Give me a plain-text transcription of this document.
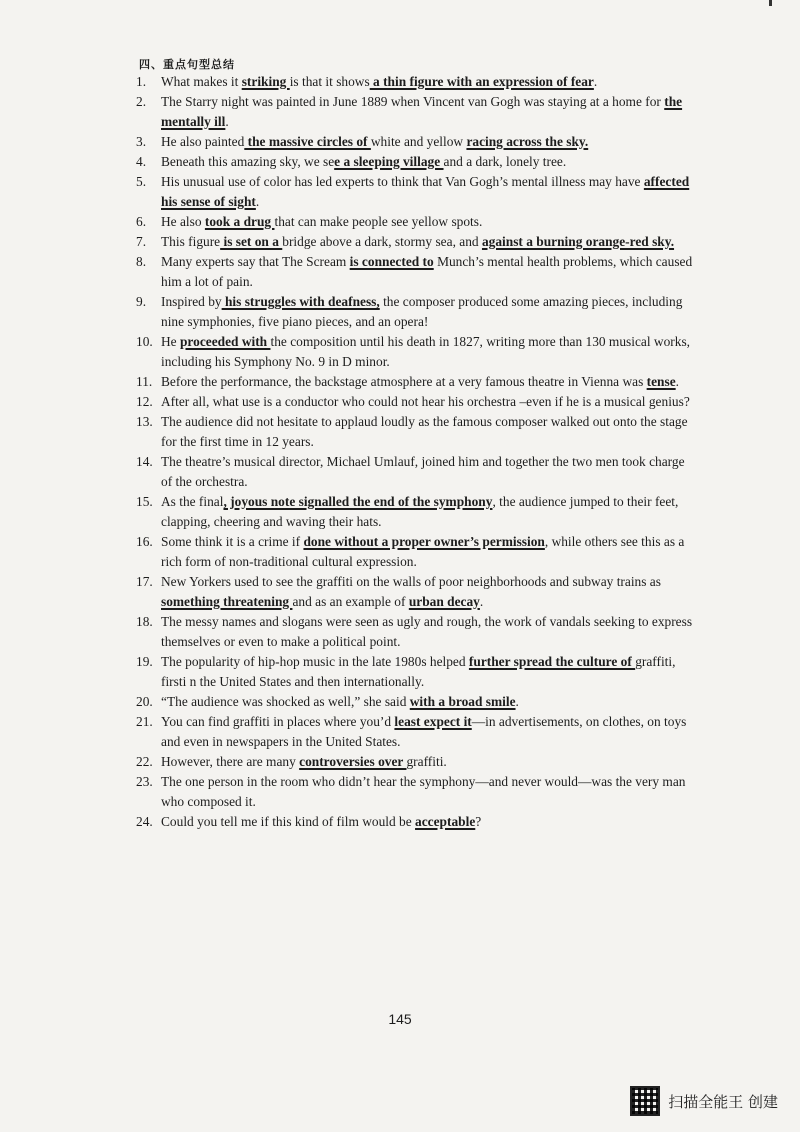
四、重点句型总结
1. What makes it striking is that it shows a thin figure with an expression of fear.
2. The Starry night was painted in June 1889 when Vincent van Gogh was staying at a home for the mentally ill.
3. He also painted the massive circles of white and yellow racing across the sky.
4. Beneath this amazing sky, we see a sleeping village and a dark, lonely tree.
5. His unusual use of color has led experts to think that Van Gogh’s mental illness may have affected his sense of sight.
6. He also took a drug that can make people see yellow spots.
7. This figure is set on a bridge above a dark, stormy sea, and against a burning orange-red sky.
8. Many experts say that The Scream is connected to Munch’s mental health problems, which caused him a lot of pain.
9. Inspired by his struggles with deafness, the composer produced some amazing pieces, including nine symphonies, five piano pieces, and an opera!
10. He proceeded with the composition until his death in 1827, writing more than 130 musical works, including his Symphony No. 9 in D minor.
11. Before the performance, the backstage atmosphere at a very famous theatre in Vienna was tense.
12. After all, what use is a conductor who could not hear his orchestra –even if he is a musical genius?
13. The audience did not hesitate to applaud loudly as the famous composer walked out onto the stage for the first time in 12 years.
14. The theatre’s musical director, Michael Umlauf, joined him and together the two men took charge of the orchestra.
15. As the final, joyous note signalled the end of the symphony, the audience jumped to their feet, clapping, cheering and waving their hats.
16. Some think it is a crime if done without a proper owner’s permission, while others see this as a rich form of non-traditional cultural expression.
17. New Yorkers used to see the graffiti on the walls of poor neighborhoods and subway trains as something threatening and as an example of urban decay.
18. The messy names and slogans were seen as ugly and rough, the work of vandals seeking to express themselves or even to make a political point.
19. The popularity of hip-hop music in the late 1980s helped further spread the culture of graffiti, firsti n the United States and then internationally.
20. “The audience was shocked as well,” she said with a broad smile.
21. You can find graffiti in places where you’d least expect it—in advertisements, on clothes, on toys and even in newspapers in the United States.
22. However, there are many controversies over graffiti.
23. The one person in the room who didn’t hear the symphony—and never would—was the very man who composed it.
24. Could you tell me if this kind of film would be acceptable?
145
扫描全能王 创建
